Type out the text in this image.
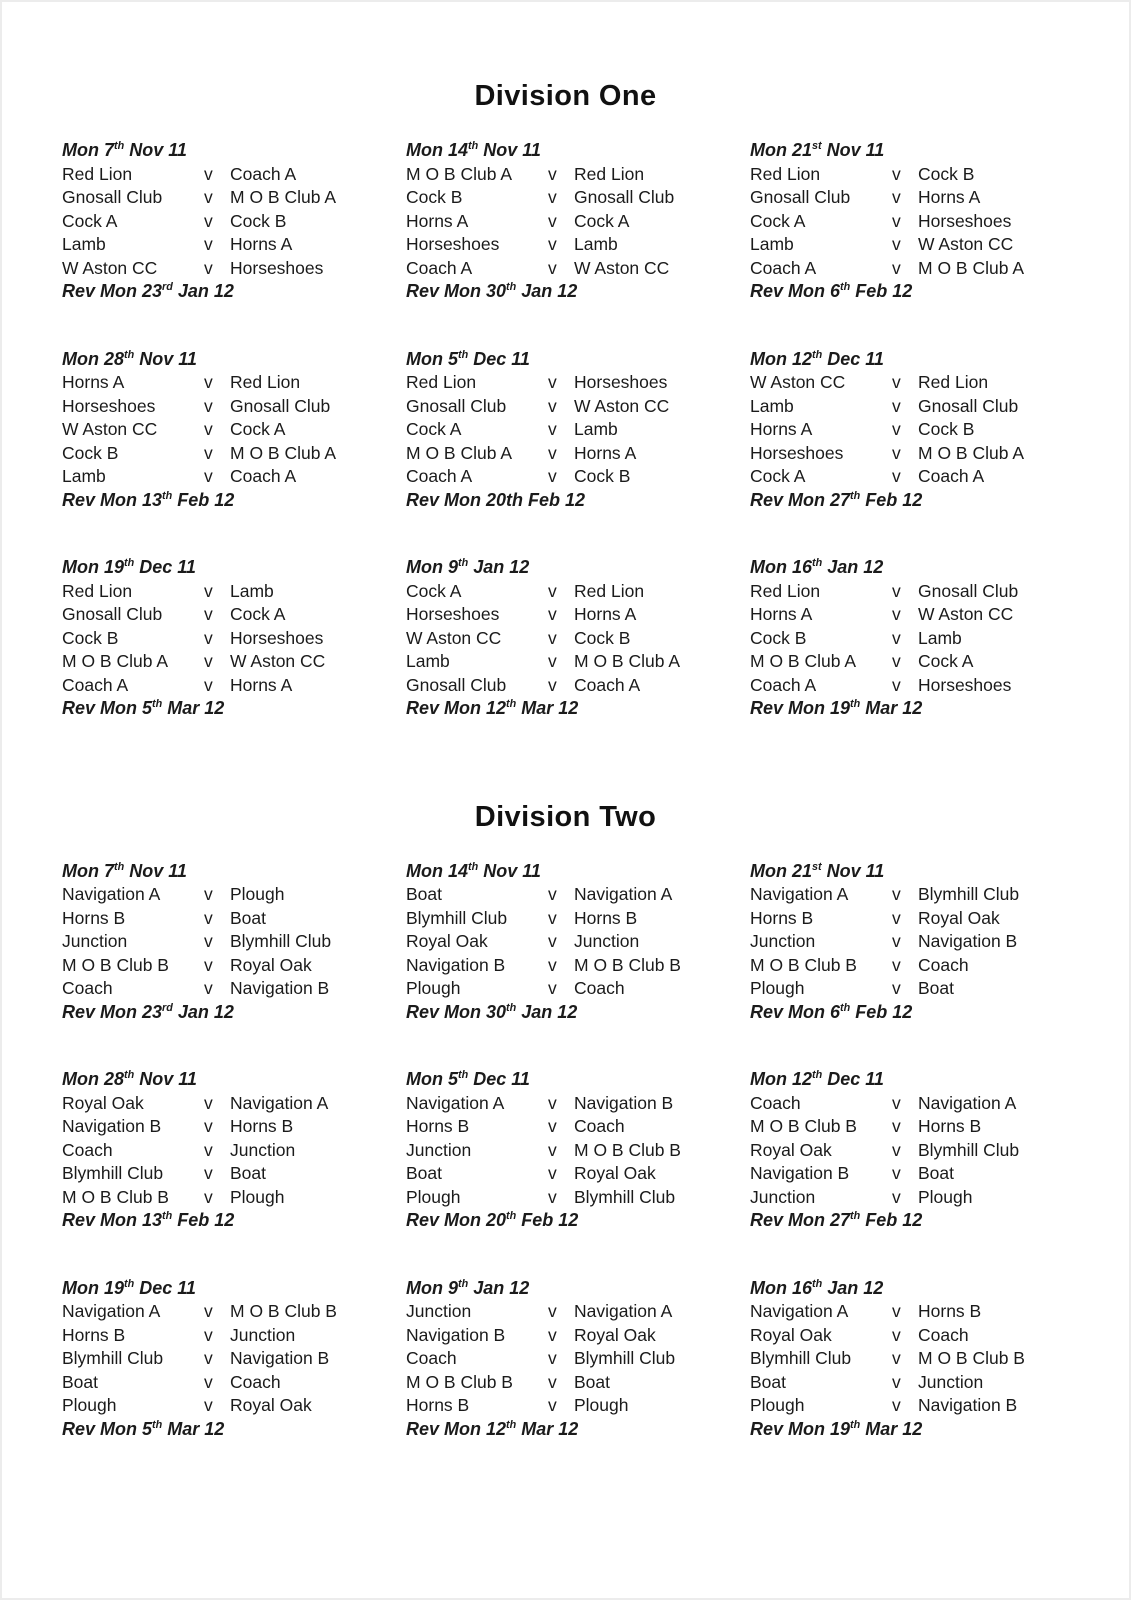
Division One
Mon 7th Nov 11
Red Lion	v Coach A
Gnosall Club	v M O B Club A
Cock A	v Cock B
Lamb	v Horns A
W Aston CC	v Horseshoes
Rev Mon 23rd Jan 12
Mon 14th Nov 11
M O B Club A	v Red Lion
Cock B	v Gnosall Club
Horns A	v Cock A
Horseshoes	v Lamb
Coach A	v W Aston CC
Rev Mon 30th Jan 12
Mon 21st Nov 11
Red Lion	v Cock B
Gnosall Club	v Horns A
Cock A	v Horseshoes
Lamb	v W Aston CC
Coach A	v M O B Club A
Rev Mon 6th Feb 12
Mon 28th Nov 11
Horns A	v Red Lion
Horseshoes	v Gnosall Club
W Aston CC	v Cock A
Cock B	v M O B Club A
Lamb	v Coach A
Rev Mon 13th Feb 12
Mon 5th Dec 11
Red Lion	v Horseshoes
Gnosall Club	v W Aston CC
Cock A	v Lamb
M O B Club A	v Horns A
Coach A	v Cock B
Rev Mon 20th Feb 12
Mon 12th Dec 11
W Aston CC	v Red Lion
Lamb	v Gnosall Club
Horns A	v Cock B
Horseshoes	v M O B Club A
Cock A	v Coach A
Rev Mon 27th Feb 12
Mon 19th Dec 11
Red Lion	v Lamb
Gnosall Club	v Cock A
Cock B	v Horseshoes
M O B Club A	v W Aston CC
Coach A	v Horns A
Rev Mon 5th Mar 12
Mon 9th Jan 12
Cock A	v Red Lion
Horseshoes	v Horns A
W Aston CC	v Cock B
Lamb	v M O B Club A
Gnosall Club	v Coach A
Rev Mon 12th Mar 12
Mon 16th Jan 12
Red Lion	v Gnosall Club
Horns A	v W Aston CC
Cock B	v Lamb
M O B Club A	v Cock A
Coach A	v Horseshoes
Rev Mon 19th Mar 12
Division Two
Mon 7th Nov 11
Navigation A	v Plough
Horns B	v Boat
Junction	v Blymhill Club
M O B Club B	v Royal Oak
Coach	v Navigation B
Rev Mon 23rd Jan 12
Mon 14th Nov 11
Boat	v Navigation A
Blymhill Club	v Horns B
Royal Oak	v Junction
Navigation B	v M O B Club B
Plough	v Coach
Rev Mon 30th Jan 12
Mon 21st Nov 11
Navigation A	v Blymhill Club
Horns B	v Royal Oak
Junction	v Navigation B
M O B Club B	v Coach
Plough	v Boat
Rev Mon 6th Feb 12
Mon 28th Nov 11
Royal Oak	v Navigation A
Navigation B	v Horns B
Coach	v Junction
Blymhill Club	v Boat
M O B Club B	v Plough
Rev Mon 13th Feb 12
Mon 5th Dec 11
Navigation A	v Navigation B
Horns B	v Coach
Junction	v M O B Club B
Boat	v Royal Oak
Plough	v Blymhill Club
Rev Mon 20th Feb 12
Mon 12th Dec 11
Coach	v Navigation A
M O B Club B	v Horns B
Royal Oak	v Blymhill Club
Navigation B	v Boat
Junction	v Plough
Rev Mon 27th Feb 12
Mon 19th Dec 11
Navigation A	v M O B Club B
Horns B	v Junction
Blymhill Club	v Navigation B
Boat	v Coach
Plough	v Royal Oak
Rev Mon 5th Mar 12
Mon 9th Jan 12
Junction	v Navigation A
Navigation B	v Royal Oak
Coach	v Blymhill Club
M O B Club B	v Boat
Horns B	v Plough
Rev Mon 12th Mar 12
Mon 16th Jan 12
Navigation A	v Horns B
Royal Oak	v Coach
Blymhill Club	v M O B Club B
Boat	v Junction
Plough	v Navigation B
Rev Mon 19th Mar 12
